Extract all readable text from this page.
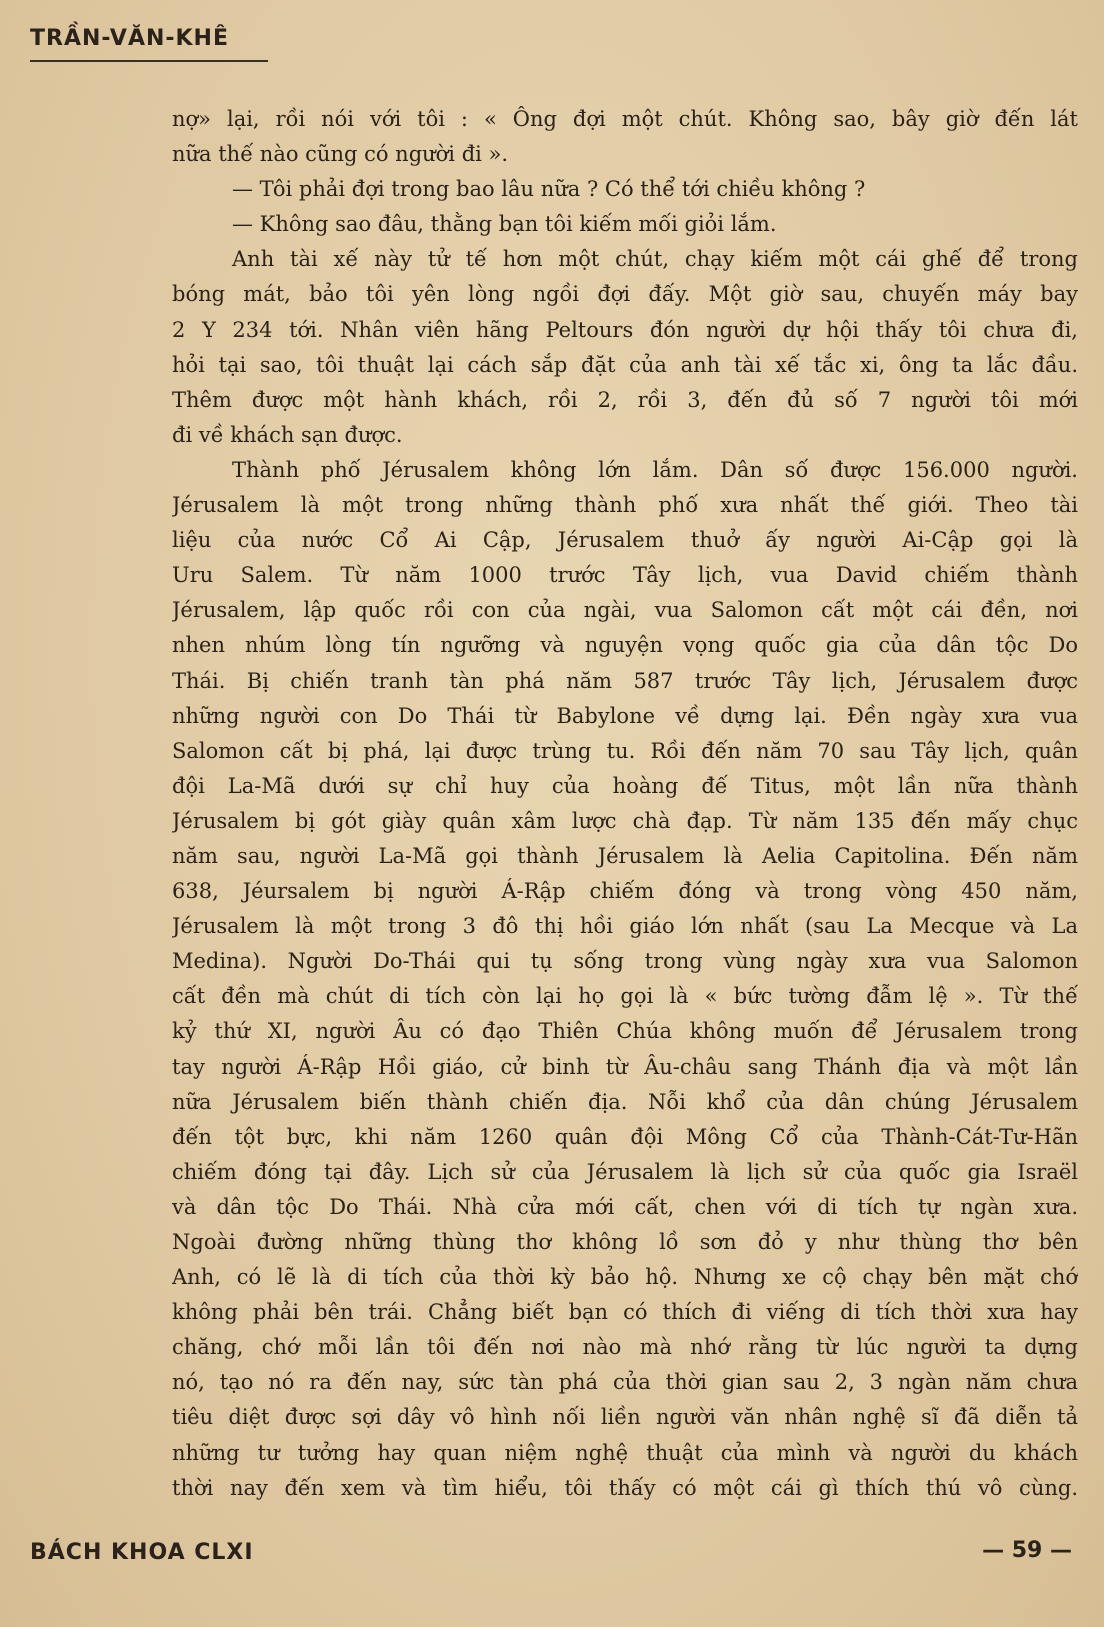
TRẦN-VĂN-KHÊ
nợ» lại, rồi nói với tôi : « Ông đợi một chút. Không sao, bây giờ đến lát
nữa thế nào cũng có người đi ».
— Tôi phải đợi trong bao lâu nữa ? Có thể tới chiều không ?
— Không sao đâu, thằng bạn tôi kiếm mối giỏi lắm.
Anh tài xế này tử tế hơn một chút, chạy kiếm một cái ghế để trong
bóng mát, bảo tôi yên lòng ngồi đợi đấy. Một giờ sau, chuyến máy bay
2 Y 234 tới. Nhân viên hãng Peltours đón người dự hội thấy tôi chưa đi,
hỏi tại sao, tôi thuật lại cách sắp đặt của anh tài xế tắc xi, ông ta lắc đầu.
Thêm được một hành khách, rồi 2, rồi 3, đến đủ số 7 người tôi mới
đi về khách sạn được.
Thành phố Jérusalem không lớn lắm. Dân số được 156.000 người.
Jérusalem là một trong những thành phố xưa nhất thế giới. Theo tài
liệu của nước Cổ Ai Cập, Jérusalem thuở ấy người Ai-Cập gọi là
Uru Salem. Từ năm 1000 trước Tây lịch, vua David chiếm thành
Jérusalem, lập quốc rồi con của ngài, vua Salomon cất một cái đền, nơi
nhen nhúm lòng tín ngưỡng và nguyện vọng quốc gia của dân tộc Do
Thái. Bị chiến tranh tàn phá năm 587 trước Tây lịch, Jérusalem được
những người con Do Thái từ Babylone về dựng lại. Đền ngày xưa vua
Salomon cất bị phá, lại được trùng tu. Rồi đến năm 70 sau Tây lịch, quân
đội La-Mã dưới sự chỉ huy của hoàng đế Titus, một lần nữa thành
Jérusalem bị gót giày quân xâm lược chà đạp. Từ năm 135 đến mấy chục
năm sau, người La-Mã gọi thành Jérusalem là Aelia Capitolina. Đến năm
638, Jéursalem bị người Á-Rập chiếm đóng và trong vòng 450 năm,
Jérusalem là một trong 3 đô thị hồi giáo lớn nhất (sau La Mecque và La
Medina). Người Do-Thái qui tụ sống trong vùng ngày xưa vua Salomon
cất đền mà chút di tích còn lại họ gọi là « bức tường đẫm lệ ». Từ thế
kỷ thứ XI, người Âu có đạo Thiên Chúa không muốn để Jérusalem trong
tay người Á-Rập Hồi giáo, cử binh từ Âu-châu sang Thánh địa và một lần
nữa Jérusalem biến thành chiến địa. Nỗi khổ của dân chúng Jérusalem
đến tột bực, khi năm 1260 quân đội Mông Cổ của Thành-Cát-Tư-Hãn
chiếm đóng tại đây. Lịch sử của Jérusalem là lịch sử của quốc gia Israël
và dân tộc Do Thái. Nhà cửa mới cất, chen với di tích tự ngàn xưa.
Ngoài đường những thùng thơ không lồ sơn đỏ y như thùng thơ bên
Anh, có lẽ là di tích của thời kỳ bảo hộ. Nhưng xe cộ chạy bên mặt chớ
không phải bên trái. Chẳng biết bạn có thích đi viếng di tích thời xưa hay
chăng, chớ mỗi lần tôi đến nơi nào mà nhớ rằng từ lúc người ta dựng
nó, tạo nó ra đến nay, sức tàn phá của thời gian sau 2, 3 ngàn năm chưa
tiêu diệt được sợi dây vô hình nối liền người văn nhân nghệ sĩ đã diễn tả
những tư tưởng hay quan niệm nghệ thuật của mình và người du khách
thời nay đến xem và tìm hiểu, tôi thấy có một cái gì thích thú vô cùng.
BÁCH KHOA CLXI	— 59 —
